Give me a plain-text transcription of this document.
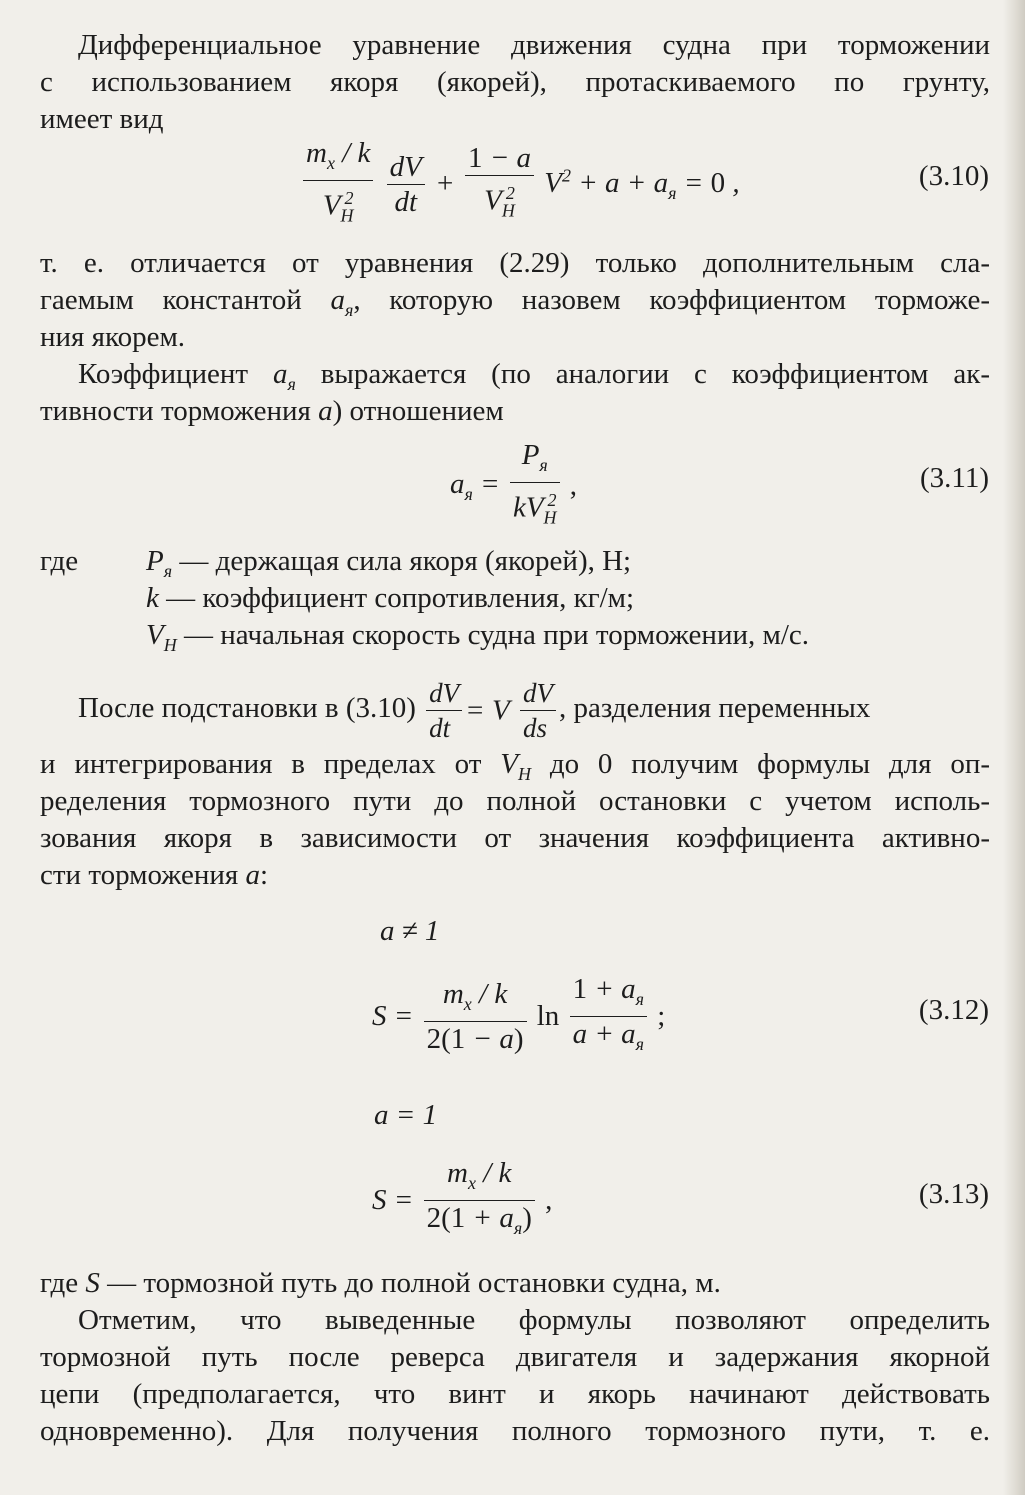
Дифференциальное уравнение движения судна при торможении
с использованием якоря (якорей), протаскиваемого по грунту,
имеет вид
$\frac{m_x / k}{V_H^2}$
$\frac{dV}{dt} + \frac{1 - a}{V_H^2} V^2 + a + a_я = 0$ ,	(3.10)
т. е. отличается от уравнения (2.29) только дополнительным сла-
гаемым константой $a_я$, которую назовем коэффициентом торможе-
ния якорем.
Коэффициент $a_я$ выражается (по аналогии с коэффициентом ак-
тивности торможения a) отношением
$a_я = \frac{P_я}{kV_H^2}$ ,	(3.11)
где $P_я$ — держащая сила якоря (якорей), Н;
k — коэффициент сопротивления, кг/м;
$V_H$ — начальная скорость судна при торможении, м/с.
После подстановки в $(3.10) \frac{dV}{dt} = V \frac{dV}{ds}$ , разделения переменных
и интегрирования в пределах от $V_H$ до 0 получим формулы для оп-
ределения тормозного пути до полной остановки с учетом исполь-
зования якоря в зависимости от значения коэффициента активно-
сти торможения a:
a ≠ 1
$S = \frac{m_x / k}{2(1 - a)}$ $\ln \frac{1 + a_я}{a + a_я}$ ;	(3.12)
a = 1
$S = \frac{m_x / k}{2(1 + a_я)}$ ,	(3.13)
где S — тормозной путь до полной остановки судна, м.
Отметим, что выведенные формулы позволяют определить
тормозной путь после реверса двигателя и задержания якорной
цепи (предполагается, что винт и якорь начинают действовать
одновременно). Для получения полного тормозного пути, т. е.
